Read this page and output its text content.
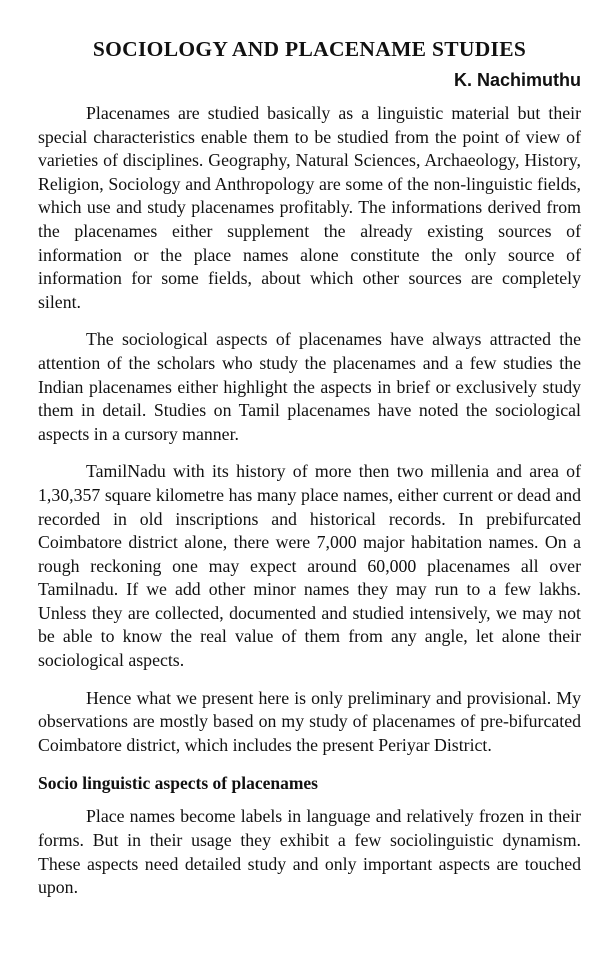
SOCIOLOGY AND PLACENAME STUDIES
K. Nachimuthu

Placenames are studied basically as a linguistic material but their special characteristics enable them to be studied from the point of view of varieties of disciplines. Geography, Natural Sciences, Archaeology, History, Religion, Sociology and Anthropology are some of the non-linguistic fields, which use and study placenames profitably. The informations derived from the placenames either supplement the already existing sources of information or the place names alone constitute the only source of information for some fields, about which other sources are completely silent.

The sociological aspects of placenames have always attracted the attention of the scholars who study the placenames and a few studies the Indian placenames either highlight the aspects in brief or exclusively study them in detail. Studies on Tamil placenames have noted the sociological aspects in a cursory manner.

TamilNadu with its history of more then two millenia and area of 1,30,357 square kilometre has many place names, either current or dead and recorded in old inscriptions and historical records. In prebifurcated Coimbatore district alone, there were 7,000 major habitation names. On a rough reckoning one may expect around 60,000 placenames all over Tamilnadu. If we add other minor names they may run to a few lakhs. Unless they are collected, documented and studied intensively, we may not be able to know the real value of them from any angle, let alone their sociological aspects.

Hence what we present here is only preliminary and provisional. My observations are mostly based on my study of placenames of pre-bifurcated Coimbatore district, which includes the present Periyar District.

Socio linguistic aspects of placenames

Place names become labels in language and relatively frozen in their forms. But in their usage they exhibit a few sociolinguistic dynamism. These aspects need detailed study and only important aspects are touched upon.
